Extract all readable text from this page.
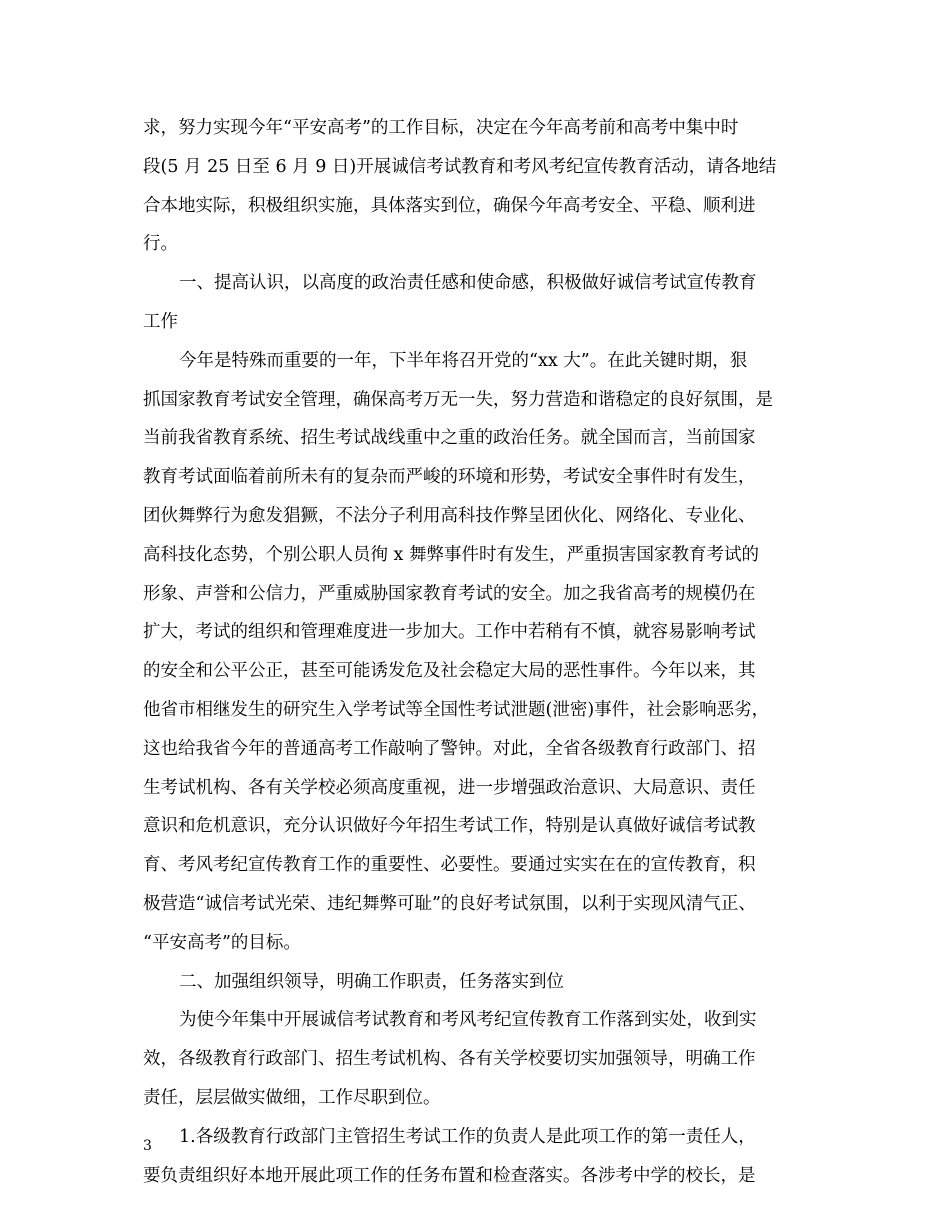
求，努力实现今年“平安高考”的工作目标，决定在今年高考前和高考中集中时
段(5 月 25 日至 6 月 9 日)开展诚信考试教育和考风考纪宣传教育活动，请各地结
合本地实际，积极组织实施，具体落实到位，确保今年高考安全、平稳、顺利进
行。
一、提高认识，以高度的政治责任感和使命感，积极做好诚信考试宣传教育
工作
今年是特殊而重要的一年，下半年将召开党的“xx 大”。在此关键时期，狠
抓国家教育考试安全管理，确保高考万无一失，努力营造和谐稳定的良好氛围，是
当前我省教育系统、招生考试战线重中之重的政治任务。就全国而言，当前国家
教育考试面临着前所未有的复杂而严峻的环境和形势，考试安全事件时有发生，
团伙舞弊行为愈发猖獗，不法分子利用高科技作弊呈团伙化、网络化、专业化、
高科技化态势，个别公职人员徇 x 舞弊事件时有发生，严重损害国家教育考试的
形象、声誉和公信力，严重威胁国家教育考试的安全。加之我省高考的规模仍在
扩大，考试的组织和管理难度进一步加大。工作中若稍有不慎，就容易影响考试
的安全和公平公正，甚至可能诱发危及社会稳定大局的恶性事件。今年以来，其
他省市相继发生的研究生入学考试等全国性考试泄题(泄密)事件，社会影响恶劣，
这也给我省今年的普通高考工作敲响了警钟。对此，全省各级教育行政部门、招
生考试机构、各有关学校必须高度重视，进一步增强政治意识、大局意识、责任
意识和危机意识，充分认识做好今年招生考试工作，特别是认真做好诚信考试教
育、考风考纪宣传教育工作的重要性、必要性。要通过实实在在的宣传教育，积
极营造“诚信考试光荣、违纪舞弊可耻”的良好考试氛围，以利于实现风清气正、
“平安高考”的目标。
二、加强组织领导，明确工作职责，任务落实到位
为使今年集中开展诚信考试教育和考风考纪宣传教育工作落到实处，收到实
效，各级教育行政部门、招生考试机构、各有关学校要切实加强领导，明确工作
责任，层层做实做细，工作尽职到位。
1.各级教育行政部门主管招生考试工作的负责人是此项工作的第一责任人，
要负责组织好本地开展此项工作的任务布置和检查落实。各涉考中学的校长，是
3
